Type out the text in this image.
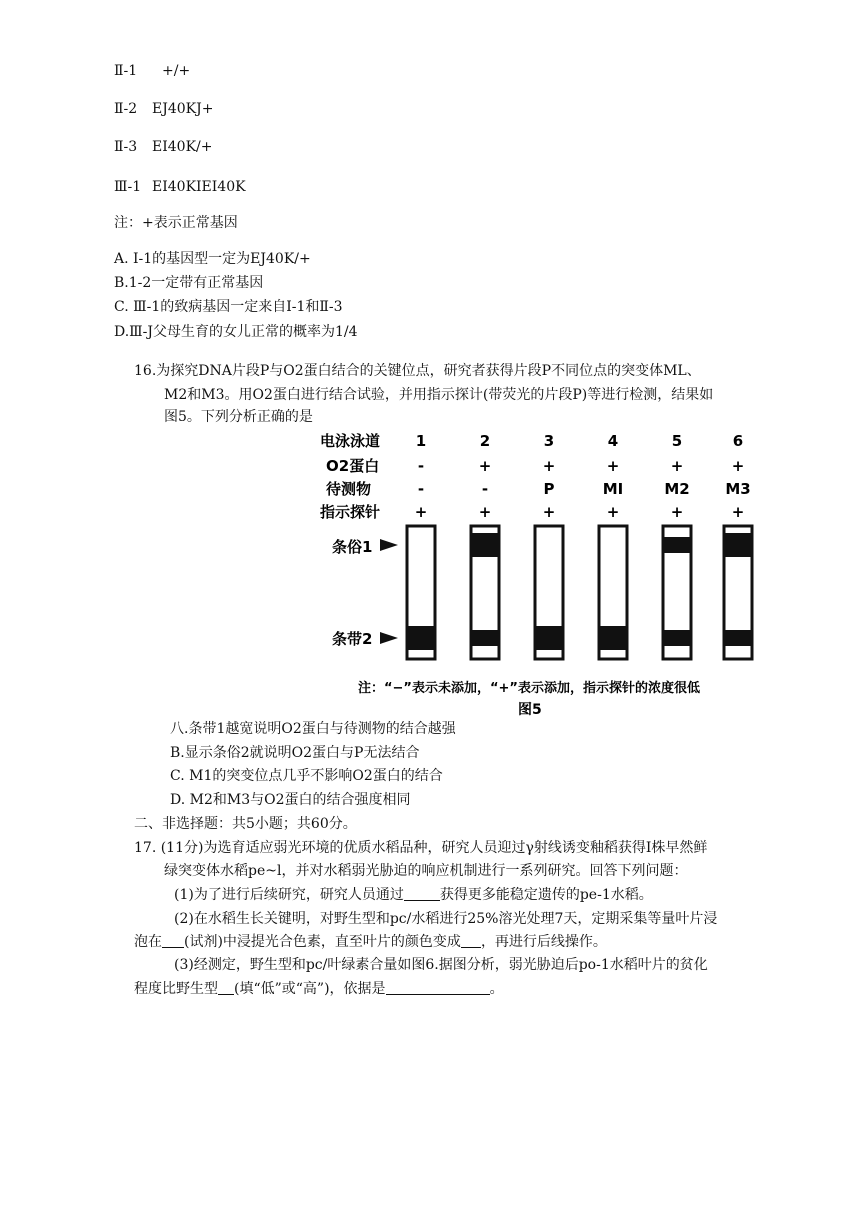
Ⅱ-1 +/+
Ⅱ-2 EJ40KJ+
Ⅱ-3 EI40K/+
Ⅲ-1 EI40KIEI40K
注：+表示正常基因
A. I-1的基因型一定为EJ40K/+
B.1-2一定带有正常基因
C. Ⅲ-1的致病基因一定来自Ⅰ-1和Ⅱ-3
D.Ⅲ-J父母生育的女儿正常的概率为1/4
16.为探究DNA片段P与O2蛋白结合的关键位点，研究者获得片段P不同位点的突变体ML、
M2和M3。用O2蛋白进行结合试验，并用指示探计(带荧光的片段P)等进行检测，结果如
图5。下列分析正确的是
电泳泳道
O2蛋白
待测物
指示探针
1
-
-
+
2
+
-
+
3
+
P
+
4
+
MI
+
5
+
M2
+
6
+
M3
+
条俗1
条带2
注：“−”表示未添加，“+”表示添加，指示探针的浓度很低
图5
八.条带1越宽说明O2蛋白与待测物的结合越强
B.显示条俗2就说明O2蛋白与P无法结合
C. M1的突变位点几乎不影响O2蛋白的结合
D. M2和M3与O2蛋白的结合强度相同
二、非选择题：共5小题；共60分。
17. (11分)为选育适应弱光环境的优质水稻品种，研究人员迎过γ射线诱变釉稻获得Ⅰ株早然鲜
绿突变体水稻pe~l，并对水稻弱光胁迫的响应机制进行一系列研究。回答下列问题：
(1)为了进行后续研究，研究人员通过	获得更多能稳定遗传的pe-1水稻。
(2)在水稻生长关键明，对野生型和pc/水稻进行25%溶光处理7天，定期采集等量叶片浸
泡在 (试剂)中浸提光合色素，直至叶片的颜色变成 ，再进行后线操作。
(3)经测定，野生型和pc/叶绿素合量如图6.据图分析，弱光胁迫后po-1水稻叶片的贫化
程度比野生型 (填“低”或“高”)，依据是	。
